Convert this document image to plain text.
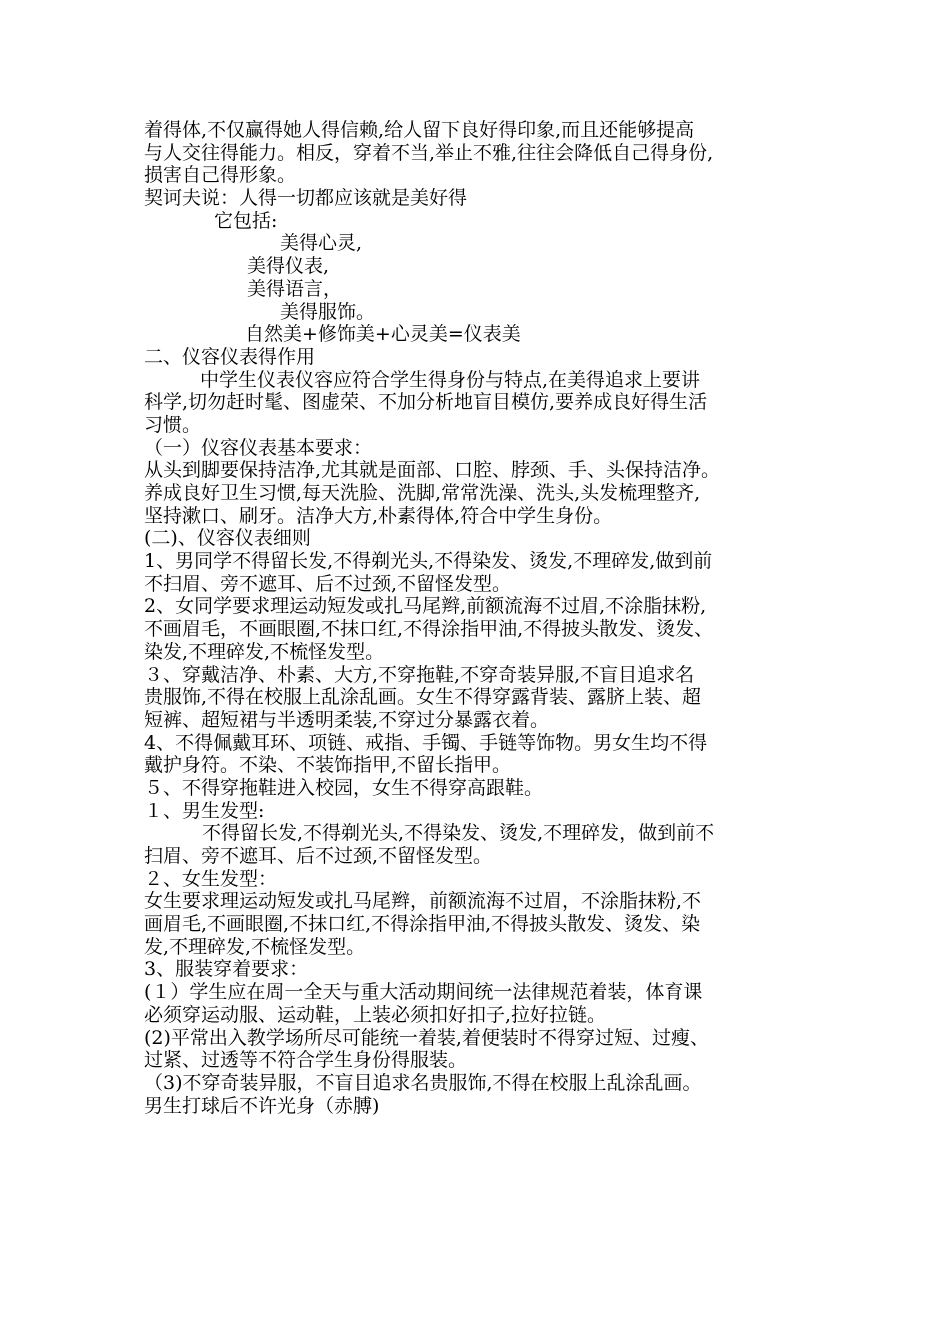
着得体,不仅赢得她人得信赖,给人留下良好得印象,而且还能够提高
与人交往得能力。相反，穿着不当,举止不雅,往往会降低自己得身份,
损害自己得形象。
契诃夫说：人得一切都应该就是美好得
它包括:
美得心灵,
美得仪表,
美得语言，
美得服饰。
自然美+修饰美+心灵美=仪表美
二、仪容仪表得作用
中学生仪表仪容应符合学生得身份与特点,在美得追求上要讲
科学,切勿赶时髦、图虚荣、不加分析地盲目模仿,要养成良好得生活
习惯。
（一）仪容仪表基本要求：
从头到脚要保持洁净,尤其就是面部、口腔、脖颈、手、头保持洁净。
养成良好卫生习惯,每天洗脸、洗脚,常常洗澡、洗头,头发梳理整齐,
坚持漱口、刷牙。洁净大方,朴素得体,符合中学生身份。
(二)、仪容仪表细则
1、男同学不得留长发,不得剃光头,不得染发、烫发,不理碎发,做到前
不扫眉、旁不遮耳、后不过颈,不留怪发型。
2、女同学要求理运动短发或扎马尾辫,前额流海不过眉,不涂脂抹粉,
不画眉毛，不画眼圈,不抹口红,不得涂指甲油,不得披头散发、烫发、
染发,不理碎发,不梳怪发型。
３、穿戴洁净、朴素、大方,不穿拖鞋,不穿奇装异服,不盲目追求名
贵服饰,不得在校服上乱涂乱画。女生不得穿露背装、露脐上装、超
短裤、超短裙与半透明柔装,不穿过分暴露衣着。
4、不得佩戴耳环、项链、戒指、手镯、手链等饰物。男女生均不得
戴护身符。不染、不装饰指甲,不留长指甲。
５、不得穿拖鞋进入校园，女生不得穿高跟鞋。
１、男生发型:
不得留长发,不得剃光头,不得染发、烫发,不理碎发，做到前不
扫眉、旁不遮耳、后不过颈,不留怪发型。
２、女生发型：
女生要求理运动短发或扎马尾辫，前额流海不过眉，不涂脂抹粉,不
画眉毛,不画眼圈,不抹口红,不得涂指甲油,不得披头散发、烫发、染
发,不理碎发,不梳怪发型。
3、服装穿着要求：
(１）学生应在周一全天与重大活动期间统一法律规范着装，体育课
必须穿运动服、运动鞋，上装必须扣好扣子,拉好拉链。
(2)平常出入教学场所尽可能统一着装,着便装时不得穿过短、过瘦、
过紧、过透等不符合学生身份得服装。
（3)不穿奇装异服，不盲目追求名贵服饰,不得在校服上乱涂乱画。
男生打球后不许光身（赤膊)
